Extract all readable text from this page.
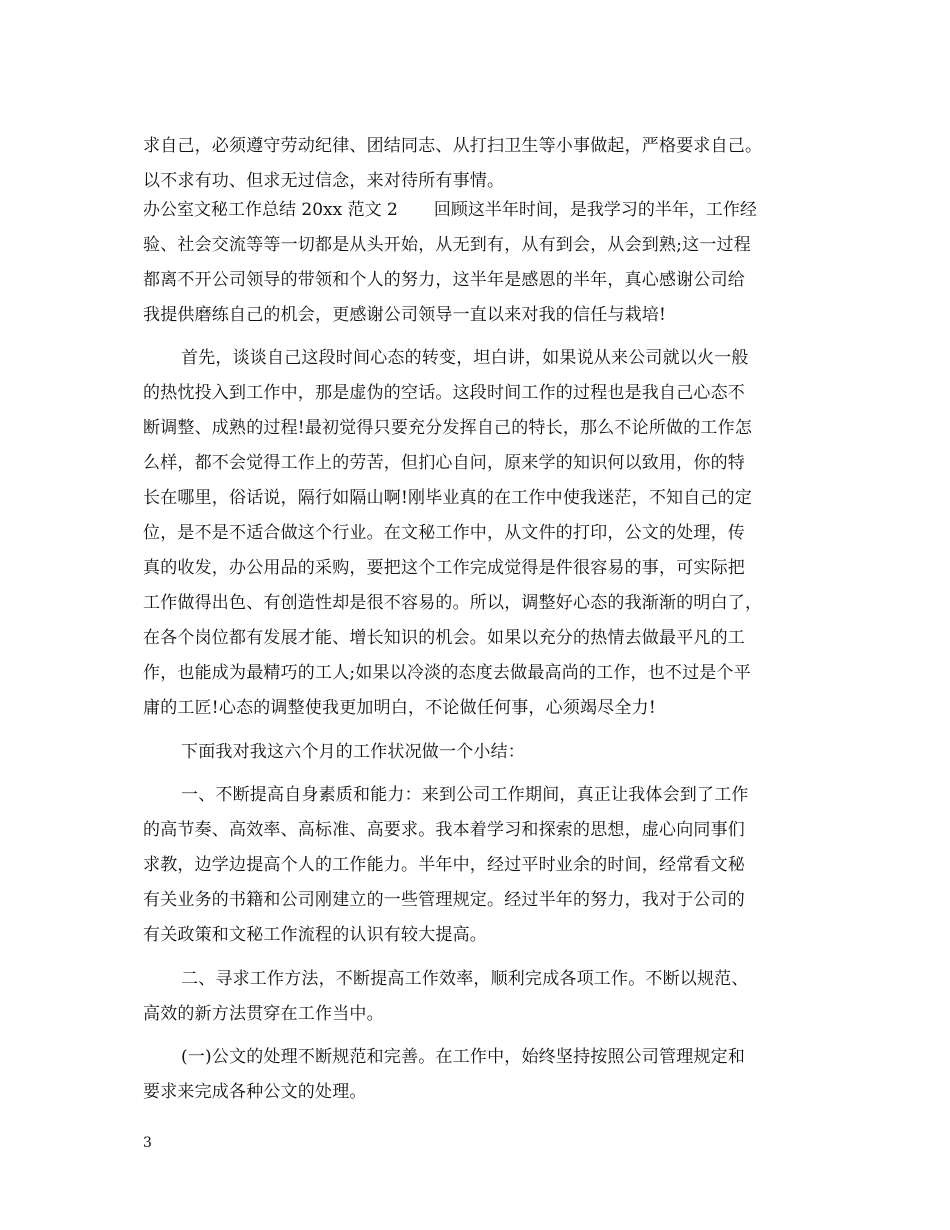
求自己，必须遵守劳动纪律、团结同志、从打扫卫生等小事做起，严格要求自己。
以不求有功、但求无过信念，来对待所有事情。
办公室文秘工作总结 20xx 范文 2 回顾这半年时间，是我学习的半年，工作经
验、社会交流等等一切都是从头开始，从无到有，从有到会，从会到熟;这一过程
都离不开公司领导的带领和个人的努力，这半年是感恩的半年，真心感谢公司给
我提供磨练自己的机会，更感谢公司领导一直以来对我的信任与栽培!
首先，谈谈自己这段时间心态的转变，坦白讲，如果说从来公司就以火一般
的热忱投入到工作中，那是虚伪的空话。这段时间工作的过程也是我自己心态不
断调整、成熟的过程!最初觉得只要充分发挥自己的特长，那么不论所做的工作怎
么样，都不会觉得工作上的劳苦，但扪心自问，原来学的知识何以致用，你的特
长在哪里，俗话说，隔行如隔山啊!刚毕业真的在工作中使我迷茫，不知自己的定
位，是不是不适合做这个行业。在文秘工作中，从文件的打印，公文的处理，传
真的收发，办公用品的采购，要把这个工作完成觉得是件很容易的事，可实际把
工作做得出色、有创造性却是很不容易的。所以，调整好心态的我渐渐的明白了，
在各个岗位都有发展才能、增长知识的机会。如果以充分的热情去做最平凡的工
作，也能成为最精巧的工人;如果以冷淡的态度去做最高尚的工作，也不过是个平
庸的工匠!心态的调整使我更加明白，不论做任何事，心须竭尽全力!
下面我对我这六个月的工作状况做一个小结：
一、不断提高自身素质和能力：来到公司工作期间，真正让我体会到了工作
的高节奏、高效率、高标准、高要求。我本着学习和探索的思想，虚心向同事们
求教，边学边提高个人的工作能力。半年中，经过平时业余的时间，经常看文秘
有关业务的书籍和公司刚建立的一些管理规定。经过半年的努力，我对于公司的
有关政策和文秘工作流程的认识有较大提高。
二、寻求工作方法，不断提高工作效率，顺利完成各项工作。不断以规范、
高效的新方法贯穿在工作当中。
(一)公文的处理不断规范和完善。在工作中，始终坚持按照公司管理规定和
要求来完成各种公文的处理。
3
